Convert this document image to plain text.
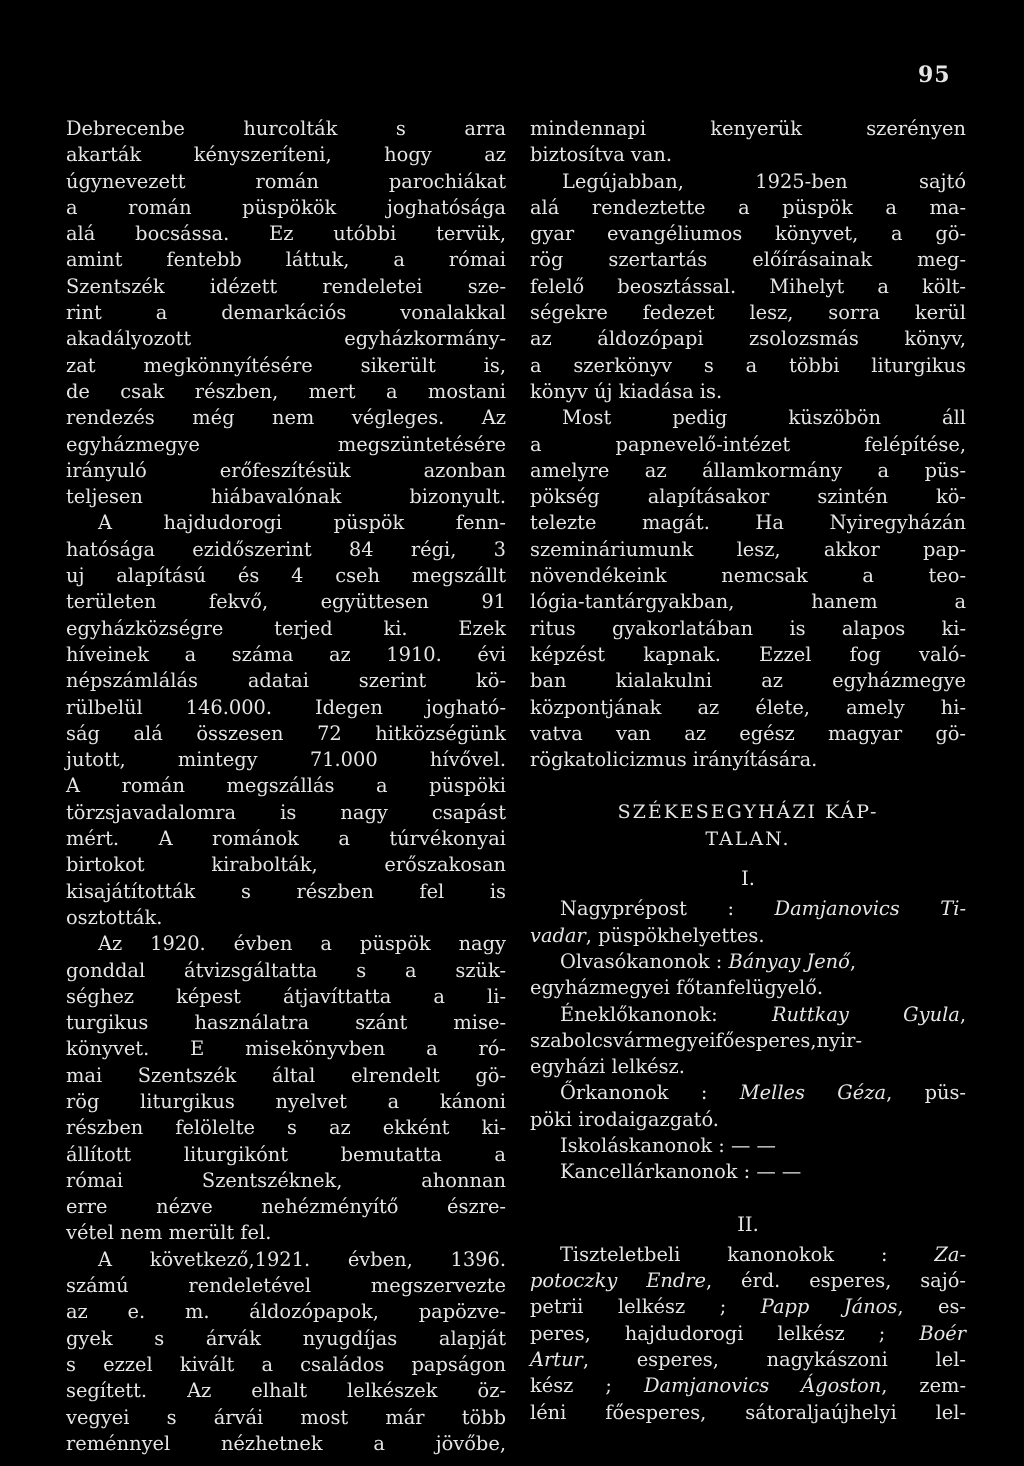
95
Debrecenbe hurcolták s arra
akarták kényszeríteni, hogy az
úgynevezett román parochiákat
a román püspökök joghatósága
alá bocsássa. Ez utóbbi tervük,
amint fentebb láttuk, a római
Szentszék idézett rendeletei sze-
rint a demarkációs vonalakkal
akadályozott egyházkormány-
zat megkönnyítésére sikerült is,
de csak részben, mert a mostani
rendezés még nem végleges. Az
egyházmegye megszüntetésére
irányuló erőfeszítésük azonban
teljesen hiábavalónak bizonyult.
A hajdudorogi püspök fenn-
hatósága ezidőszerint 84 régi, 3
uj alapítású és 4 cseh megszállt
területen fekvő, együttesen 91
egyházközségre terjed ki. Ezek
híveinek a száma az 1910. évi
népszámlálás adatai szerint kö-
rülbelül 146.000. Idegen jogható-
ság alá összesen 72 hitközségünk
jutott, mintegy 71.000 hívővel.
A román megszállás a püspöki
törzsjavadalomra is nagy csapást
mért. A románok a túrvékonyai
birtokot kirabolták, erőszakosan
kisajátították s részben fel is
osztották.
Az 1920. évben a püspök nagy
gonddal átvizsgáltatta s a szük-
séghez képest átjavíttatta a li-
turgikus használatra szánt mise-
könyvet. E misekönyvben a ró-
mai Szentszék által elrendelt gö-
rög liturgikus nyelvet a kánoni
részben felölelte s az ekként ki-
állított liturgikónt bemutatta a
római Szentszéknek, ahonnan
erre nézve nehézményítő észre-
vétel nem merült fel.
A következő,1921. évben, 1396.
számú rendeletével megszervezte
az e. m. áldozópapok, papözve-
gyek s árvák nyugdíjas alapját
s ezzel kivált a családos papságon
segített. Az elhalt lelkészek öz-
vegyei s árvái most már több
reménnyel nézhetnek a jövőbe,
mindennapi kenyerük szerényen
biztosítva van.
Legújabban, 1925-ben sajtó
alá rendeztette a püspök a ma-
gyar evangéliumos könyvet, a gö-
rög szertartás előírásainak meg-
felelő beosztással. Mihelyt a költ-
ségekre fedezet lesz, sorra kerül
az áldozópapi zsolozsmás könyv,
a szerkönyv s a többi liturgikus
könyv új kiadása is.
Most pedig küszöbön áll
a papnevelő-intézet felépítése,
amelyre az államkormány a püs-
pökség alapításakor szintén kö-
telezte magát. Ha Nyiregyházán
szemináriumunk lesz, akkor pap-
növendékeink nemcsak a teo-
lógia-tantárgyakban, hanem a
ritus gyakorlatában is alapos ki-
képzést kapnak. Ezzel fog való-
ban kialakulni az egyházmegye
központjának az élete, amely hi-
vatva van az egész magyar gö-
rögkatolicizmus irányítására.
SZÉKESEGYHÁZI KÁP-
TALAN.
I.
Nagyprépost : Damjanovics Ti-
vadar, püspökhelyettes.
Olvasókanonok : Bányay Jenő,
egyházmegyei főtanfelügyelő.
Éneklőkanonok: Ruttkay Gyula,
szabolcsvármegyeifőesperes,nyir-
egyházi lelkész.
Őrkanonok : Melles Géza, püs-
pöki irodaigazgató.
Iskoláskanonok : — —
Kancellárkanonok : — —
II.
Tiszteletbeli kanonokok : Za-
potoczky Endre, érd. esperes, sajó-
petrii lelkész ; Papp János, es-
peres, hajdudorogi lelkész ; Boér
Artur, esperes, nagykászoni lel-
kész ; Damjanovics Ágoston, zem-
léni főesperes, sátoraljaújhelyi lel-
